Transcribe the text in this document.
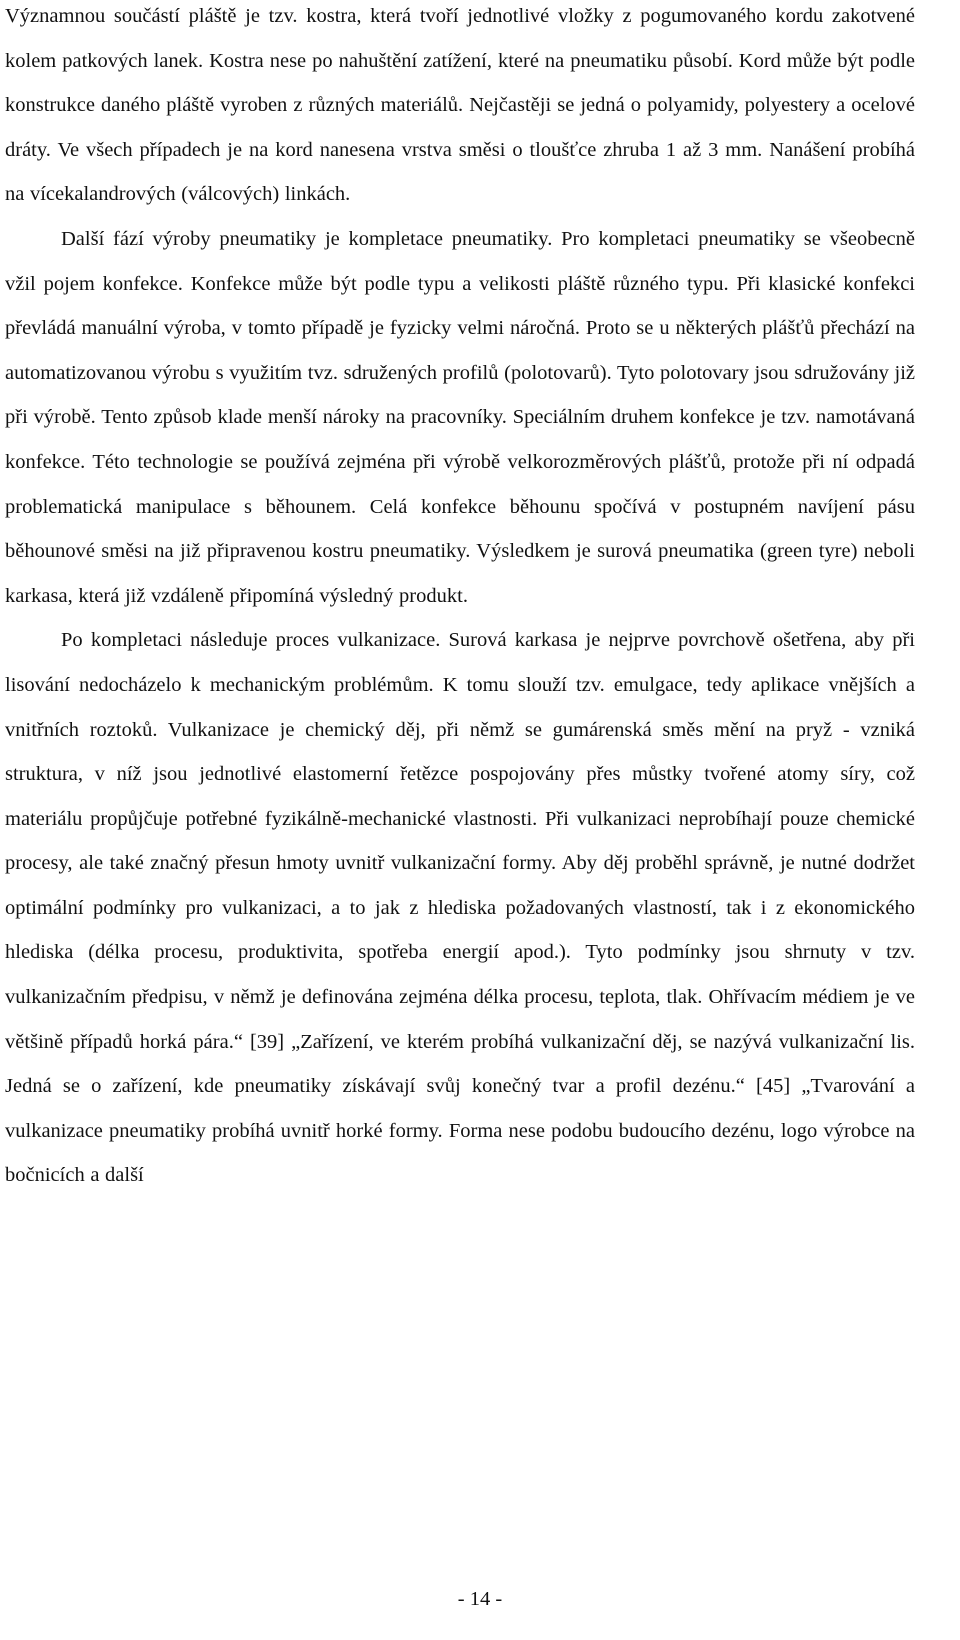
Významnou součástí pláště je tzv. kostra, která tvoří jednotlivé vložky z pogumovaného kordu zakotvené kolem patkových lanek. Kostra nese po nahuštění zatížení, které na pneumatiku působí. Kord může být podle konstrukce daného pláště vyroben z různých materiálů. Nejčastěji se jedná o polyamidy, polyestery a ocelové dráty. Ve všech případech je na kord nanesena vrstva směsi o tloušťce zhruba 1 až 3 mm. Nanášení probíhá na vícekalandrových (válcových) linkách.

Další fází výroby pneumatiky je kompletace pneumatiky. Pro kompletaci pneumatiky se všeobecně vžil pojem konfekce. Konfekce může být podle typu a velikosti pláště různého typu. Při klasické konfekci převládá manuální výroba, v tomto případě je fyzicky velmi náročná. Proto se u některých plášťů přechází na automatizovanou výrobu s využitím tvz. sdružených profilů (polotovarů). Tyto polotovary jsou sdružovány již při výrobě. Tento způsob klade menší nároky na pracovníky. Speciálním druhem konfekce je tzv. namotávaná konfekce. Této technologie se používá zejména při výrobě velkorozměrových plášťů, protože při ní odpadá problematická manipulace s běhounem. Celá konfekce běhounu spočívá v postupném navíjení pásu běhounové směsi na již připravenou kostru pneumatiky. Výsledkem je surová pneumatika (green tyre) neboli karkasa, která již vzdáleně připomíná výsledný produkt.

Po kompletaci následuje proces vulkanizace. Surová karkasa je nejprve povrchově ošetřena, aby při lisování nedocházelo k mechanickým problémům. K tomu slouží tzv. emulgace, tedy aplikace vnějších a vnitřních roztoků. Vulkanizace je chemický děj, při němž se gumárenská směs mění na pryž - vzniká struktura, v níž jsou jednotlivé elastomerní řetězce pospojovány přes můstky tvořené atomy síry, což materiálu propůjčuje potřebné fyzikálně-mechanické vlastnosti. Při vulkanizaci neprobíhají pouze chemické procesy, ale také značný přesun hmoty uvnitř vulkanizační formy. Aby děj proběhl správně, je nutné dodržet optimální podmínky pro vulkanizaci, a to jak z hlediska požadovaných vlastností, tak i z ekonomického hlediska (délka procesu, produktivita, spotřeba energií apod.). Tyto podmínky jsou shrnuty v tzv. vulkanizačním předpisu, v němž je definována zejména délka procesu, teplota, tlak. Ohřívacím médiem je ve většině případů horká pára.“ [39] „Zařízení, ve kterém probíhá vulkanizační děj, se nazývá vulkanizační lis. Jedná se o zařízení, kde pneumatiky získávají svůj konečný tvar a profil dezénu.“ [45] „Tvarování a vulkanizace pneumatiky probíhá uvnitř horké formy. Forma nese podobu budoucího dezénu, logo výrobce na bočnicích a další

- 14 -
